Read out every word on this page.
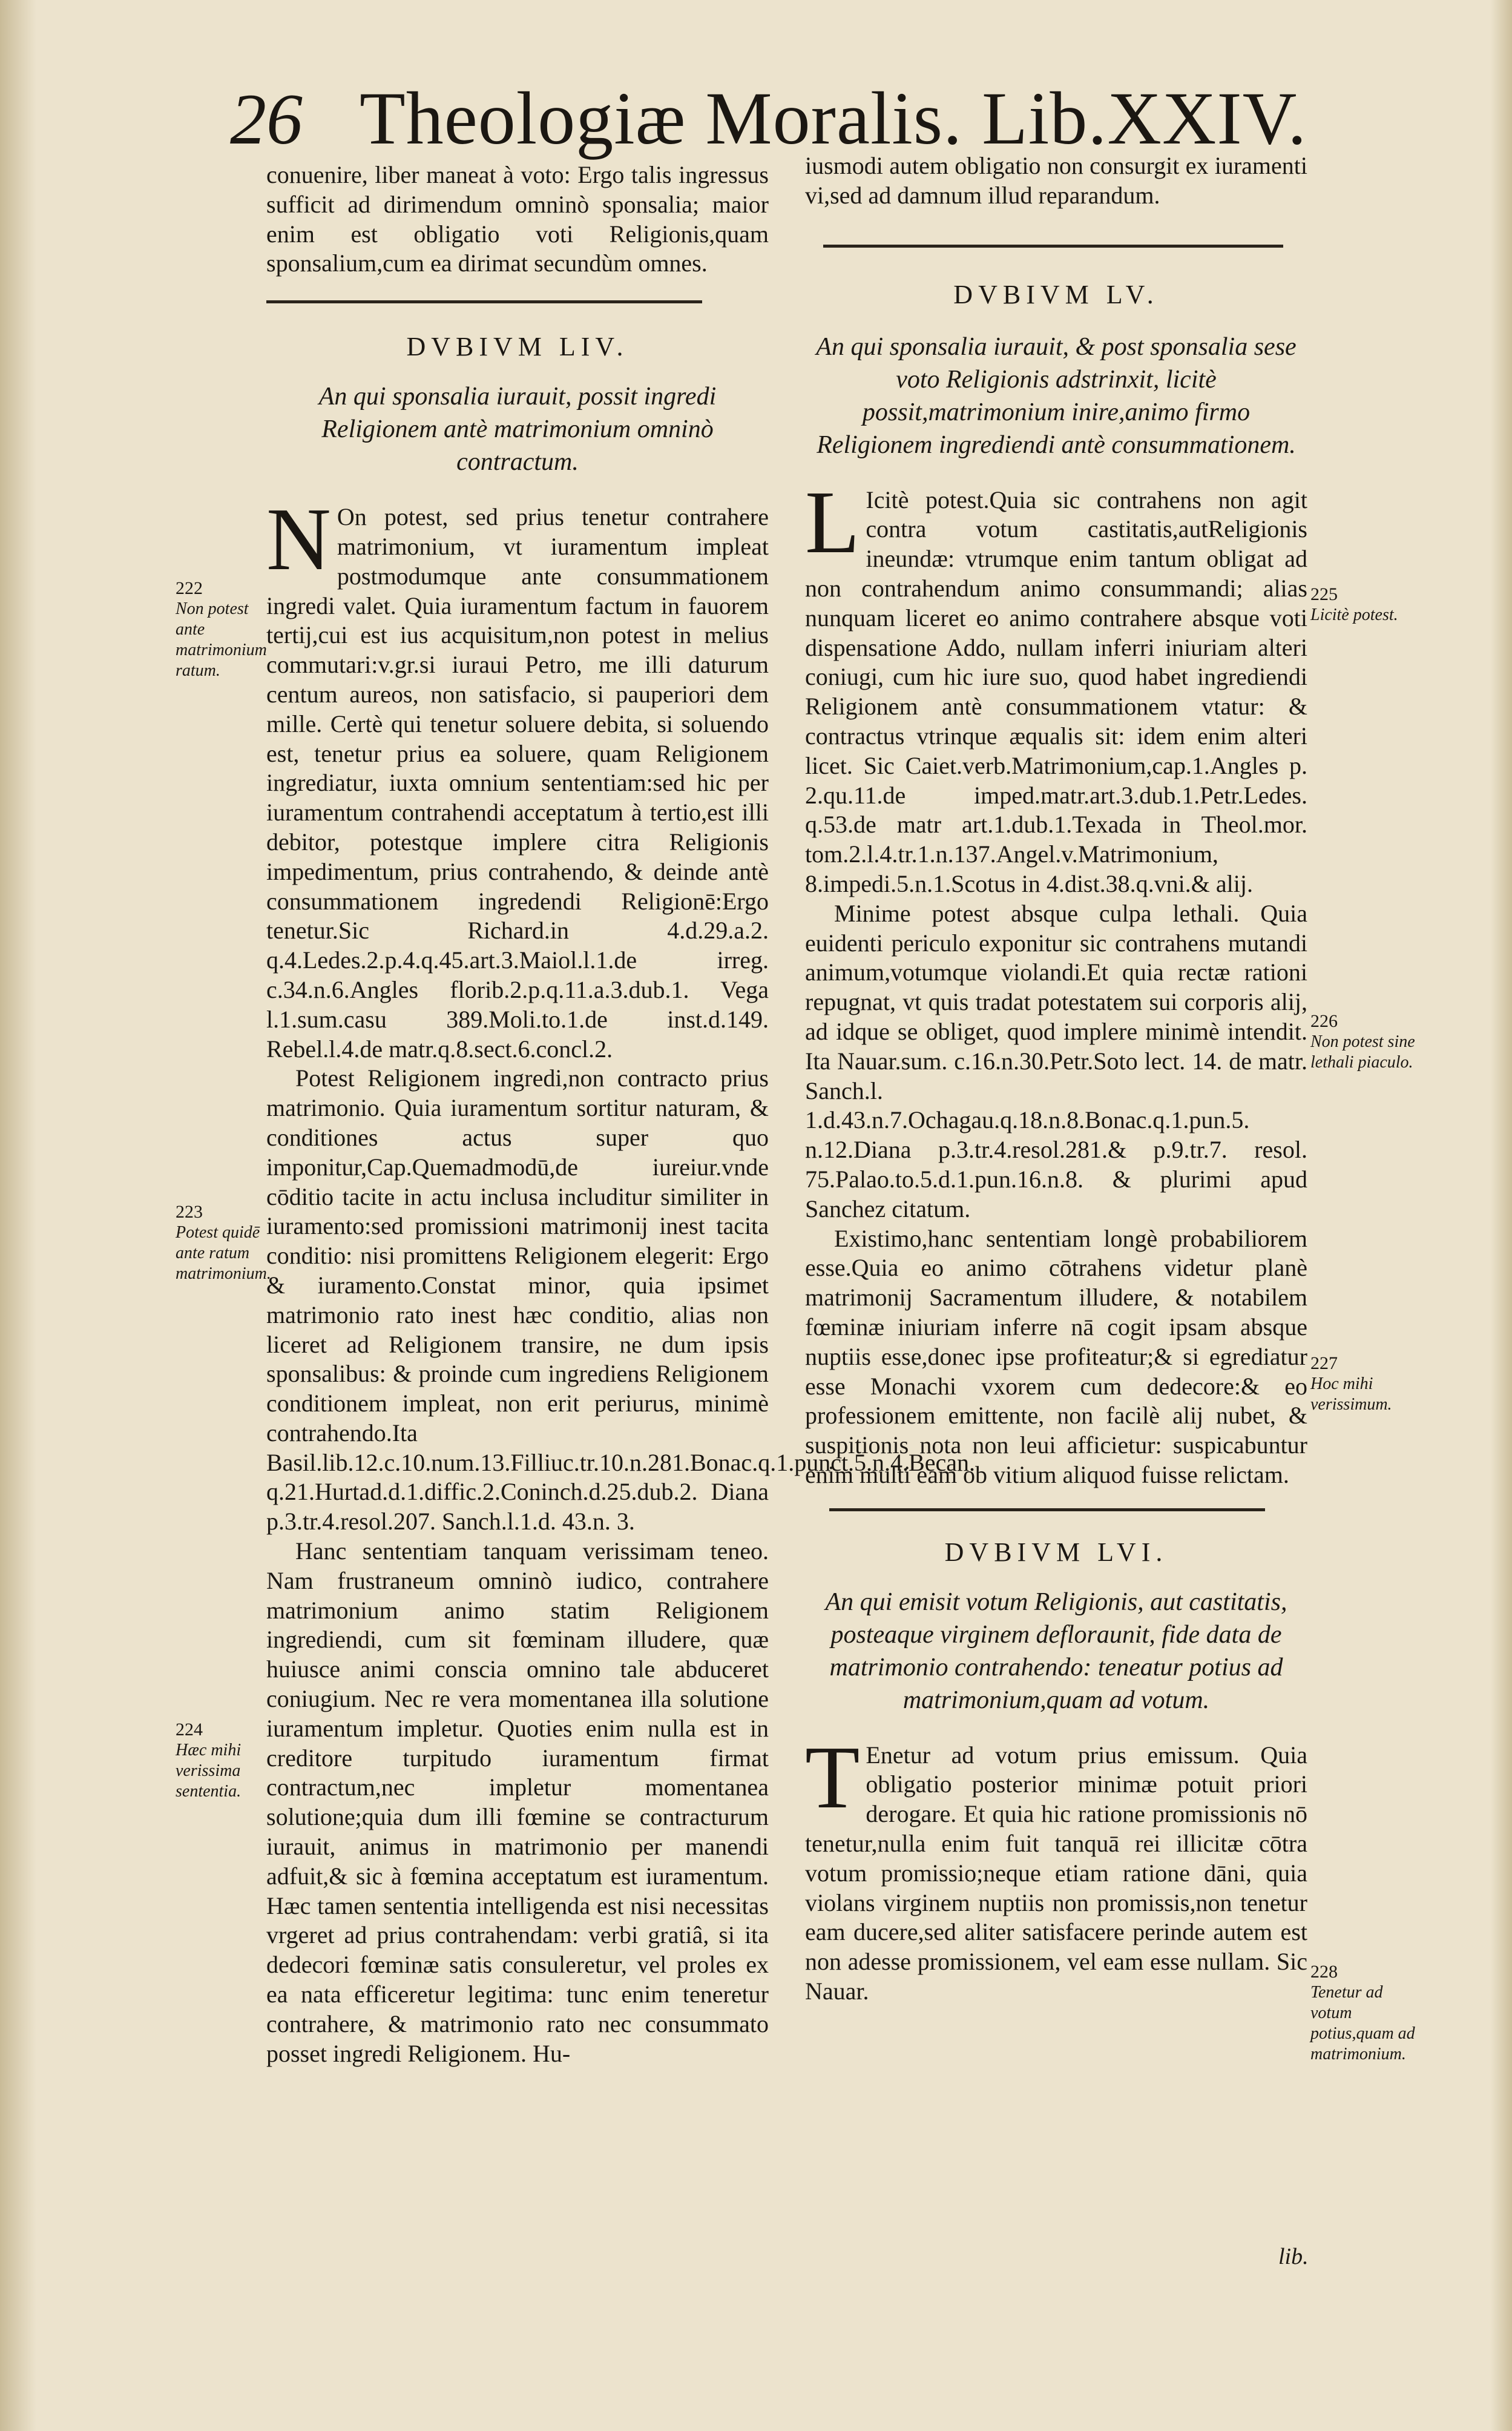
26 Theologiæ Moralis. Lib.XXIV.

conuenire, liber maneat à voto: Ergo talis ingressus sufficit ad dirimendum omninò sponsalia; maior enim est obligatio voti Religionis,quam sponsalium,cum ea dirimat secundùm omnes.

DVBIVM LIV.

An qui sponsalia iurauit, possit ingredi Religionem antè matrimonium omninò contractum.

N On potest, sed prius tenetur contrahere matrimonium, vt iuramentum impleat postmodumque ante consummationem ingredi valet. Quia iuramentum factum in fauorem tertij,cui est ius acquisitum,non potest in melius commutari:v.gr.si iuraui Petro, me illi daturum centum aureos, non satisfacio, si pauperiori dem mille. Certè qui tenetur soluere debita, si soluendo est, tenetur prius ea soluere, quam Religionem ingrediatur, iuxta omnium sententiam:sed hic per iuramentum contrahendi acceptatum à tertio,est illi debitor, potestque implere citra Religionis impedimentum, prius contrahendo, & deinde antè consummationem ingredendi Religionē:Ergo tenetur.Sic Richard.in 4.d.29.a.2. q.4.Ledes.2.p.4.q.45.art.3.Maiol.l.1.de irreg. c.34.n.6.Angles florib.2.p.q.11.a.3.dub.1. Vega l.1.sum.casu 389.Moli.to.1.de inst.d.149. Rebel.l.4.de matr.q.8.sect.6.concl.2.

Potest Religionem ingredi,non contracto prius matrimonio. Quia iuramentum sortitur naturam, & conditiones actus super quo imponitur,Cap.Quemadmodū,de iureiur.vnde cōditio tacite in actu inclusa includitur similiter in iuramento:sed promissioni matrimonij inest tacita conditio: nisi promittens Religionem elegerit: Ergo & iuramento.Constat minor, quia ipsimet matrimonio rato inest hæc conditio, alias non liceret ad Religionem transire, ne dum ipsis sponsalibus: & proinde cum ingrediens Religionem conditionem impleat, non erit periurus, minimè contrahendo.Ita Basil.lib.12.c.10.num.13.Filliuc.tr.10.n.281.Bonac.q.1.punct.5.n.4.Becan. q.21.Hurtad.d.1.diffic.2.Coninch.d.25.dub.2. Diana p.3.tr.4.resol.207. Sanch.l.1.d. 43.n. 3.

Hanc sententiam tanquam verissimam teneo. Nam frustraneum omninò iudico, contrahere matrimonium animo statim Religionem ingrediendi, cum sit fœminam illudere, quæ huiusce animi conscia omnino tale abduceret coniugium. Nec re vera momentanea illa solutione iuramentum impletur. Quoties enim nulla est in creditore turpitudo iuramentum firmat contractum,nec impletur momentanea solutione;quia dum illi fœmine se contracturum iurauit, animus in matrimonio per manendi adfuit,& sic à fœmina acceptatum est iuramentum. Hæc tamen sententia intelligenda est nisi necessitas vrgeret ad prius contrahendam: verbi gratiâ, si ita dedecori fœminæ satis consuleretur, vel proles ex ea nata efficeretur legitima: tunc enim teneretur contrahere, & matrimonio rato nec consummato posset ingredi Religionem. Hu-

222
Non potest ante matrimonium ratum.
223
Potest quidē ante ratum matrimonium.
224
Hæc mihi verissima sententia.

iusmodi autem obligatio non consurgit ex iuramenti vi,sed ad damnum illud reparandum.

DVBIVM LV.

An qui sponsalia iurauit, & post sponsalia sese voto Religionis adstrinxit, licitè possit,matrimonium inire,animo firmo Religionem ingrediendi antè consummationem.

L Icitè potest.Quia sic contrahens non agit contra votum castitatis,autReligionis ineundæ: vtrumque enim tantum obligat ad non contrahendum animo consummandi; alias nunquam liceret eo animo contrahere absque voti dispensatione Addo, nullam inferri iniuriam alteri coniugi, cum hic iure suo, quod habet ingrediendi Religionem antè consummationem vtatur: & contractus vtrinque æqualis sit: idem enim alteri licet. Sic Caiet.verb.Matrimonium,cap.1.Angles p. 2.qu.11.de imped.matr.art.3.dub.1.Petr.Ledes. q.53.de matr art.1.dub.1.Texada in Theol.mor. tom.2.l.4.tr.1.n.137.Angel.v.Matrimonium, 8.impedi.5.n.1.Scotus in 4.dist.38.q.vni.& alij.

Minime potest absque culpa lethali. Quia euidenti periculo exponitur sic contrahens mutandi animum,votumque violandi.Et quia rectæ rationi repugnat, vt quis tradat potestatem sui corporis alij, ad idque se obliget, quod implere minimè intendit. Ita Nauar.sum. c.16.n.30.Petr.Soto lect. 14. de matr. Sanch.l. 1.d.43.n.7.Ochagau.q.18.n.8.Bonac.q.1.pun.5. n.12.Diana p.3.tr.4.resol.281.& p.9.tr.7. resol. 75.Palao.to.5.d.1.pun.16.n.8. & plurimi apud Sanchez citatum.

Existimo,hanc sententiam longè probabiliorem esse.Quia eo animo cōtrahens videtur planè matrimonij Sacramentum illudere, & notabilem fœminæ iniuriam inferre nā cogit ipsam absque nuptiis esse,donec ipse profiteatur;& si egrediatur esse Monachi vxorem cum dedecore:& eo professionem emittente, non facilè alij nubet, & suspitionis nota non leui afficietur: suspicabuntur enim multi eam ob vitium aliquod fuisse relictam.

DVBIVM LVI.

An qui emisit votum Religionis, aut castitatis, posteaque virginem defloraunit, fide data de matrimonio contrahendo: teneatur potius ad matrimonium,quam ad votum.

T Enetur ad votum prius emissum. Quia obligatio posterior minimæ potuit priori derogare. Et quia hic ratione promissionis nō tenetur,nulla enim fuit tanquā rei illicitæ cōtra votum promissio;neque etiam ratione dāni, quia violans virginem nuptiis non promissis,non tenetur eam ducere,sed aliter satisfacere perinde autem est non adesse promissionem, vel eam esse nullam. Sic Nauar.

225
Licitè potest.
226
Non potest sine lethali piaculo.
227
Hoc mihi verissimum.
228
Tenetur ad votum potius,quam ad matrimonium.
lib.
